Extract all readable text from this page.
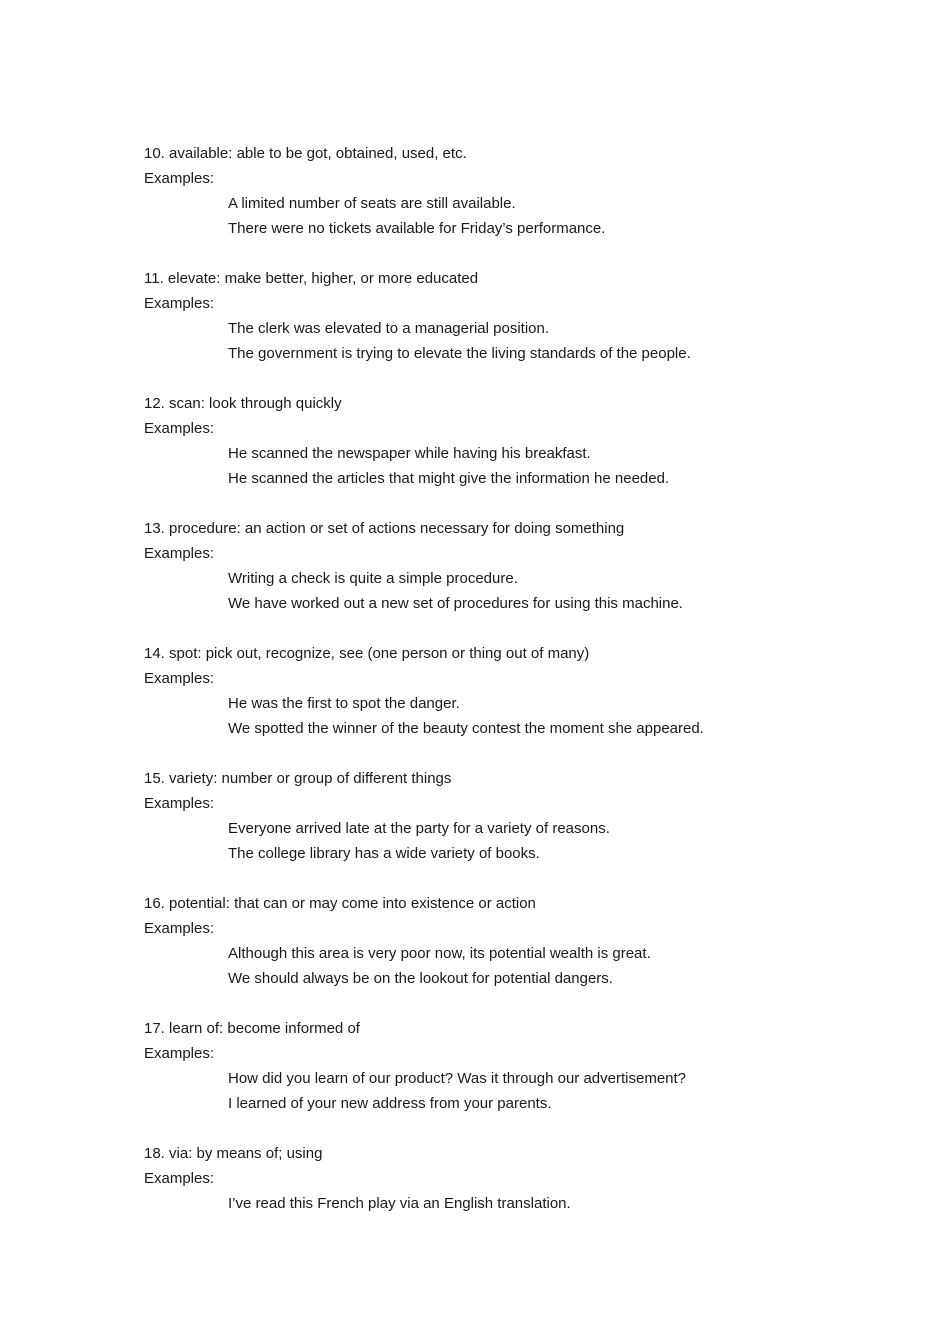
10. available: able to be got, obtained, used, etc.
Examples:
A limited number of seats are still available.
There were no tickets available for Friday’s performance.
11. elevate: make better, higher, or more educated
Examples:
The clerk was elevated to a managerial position.
The government is trying to elevate the living standards of the people.
12. scan: look through quickly
Examples:
He scanned the newspaper while having his breakfast.
He scanned the articles that might give the information he needed.
13. procedure: an action or set of actions necessary for doing something
Examples:
Writing a check is quite a simple procedure.
We have worked out a new set of procedures for using this machine.
14. spot: pick out, recognize, see (one person or thing out of many)
Examples:
He was the first to spot the danger.
We spotted the winner of the beauty contest the moment she appeared.
15. variety: number or group of different things
Examples:
Everyone arrived late at the party for a variety of reasons.
The college library has a wide variety of books.
16. potential: that can or may come into existence or action
Examples:
Although this area is very poor now, its potential wealth is great.
We should always be on the lookout for potential dangers.
17. learn of: become informed of
Examples:
How did you learn of our product? Was it through our advertisement?
I learned of your new address from your parents.
18. via: by means of; using
Examples:
I’ve read this French play via an English translation.
